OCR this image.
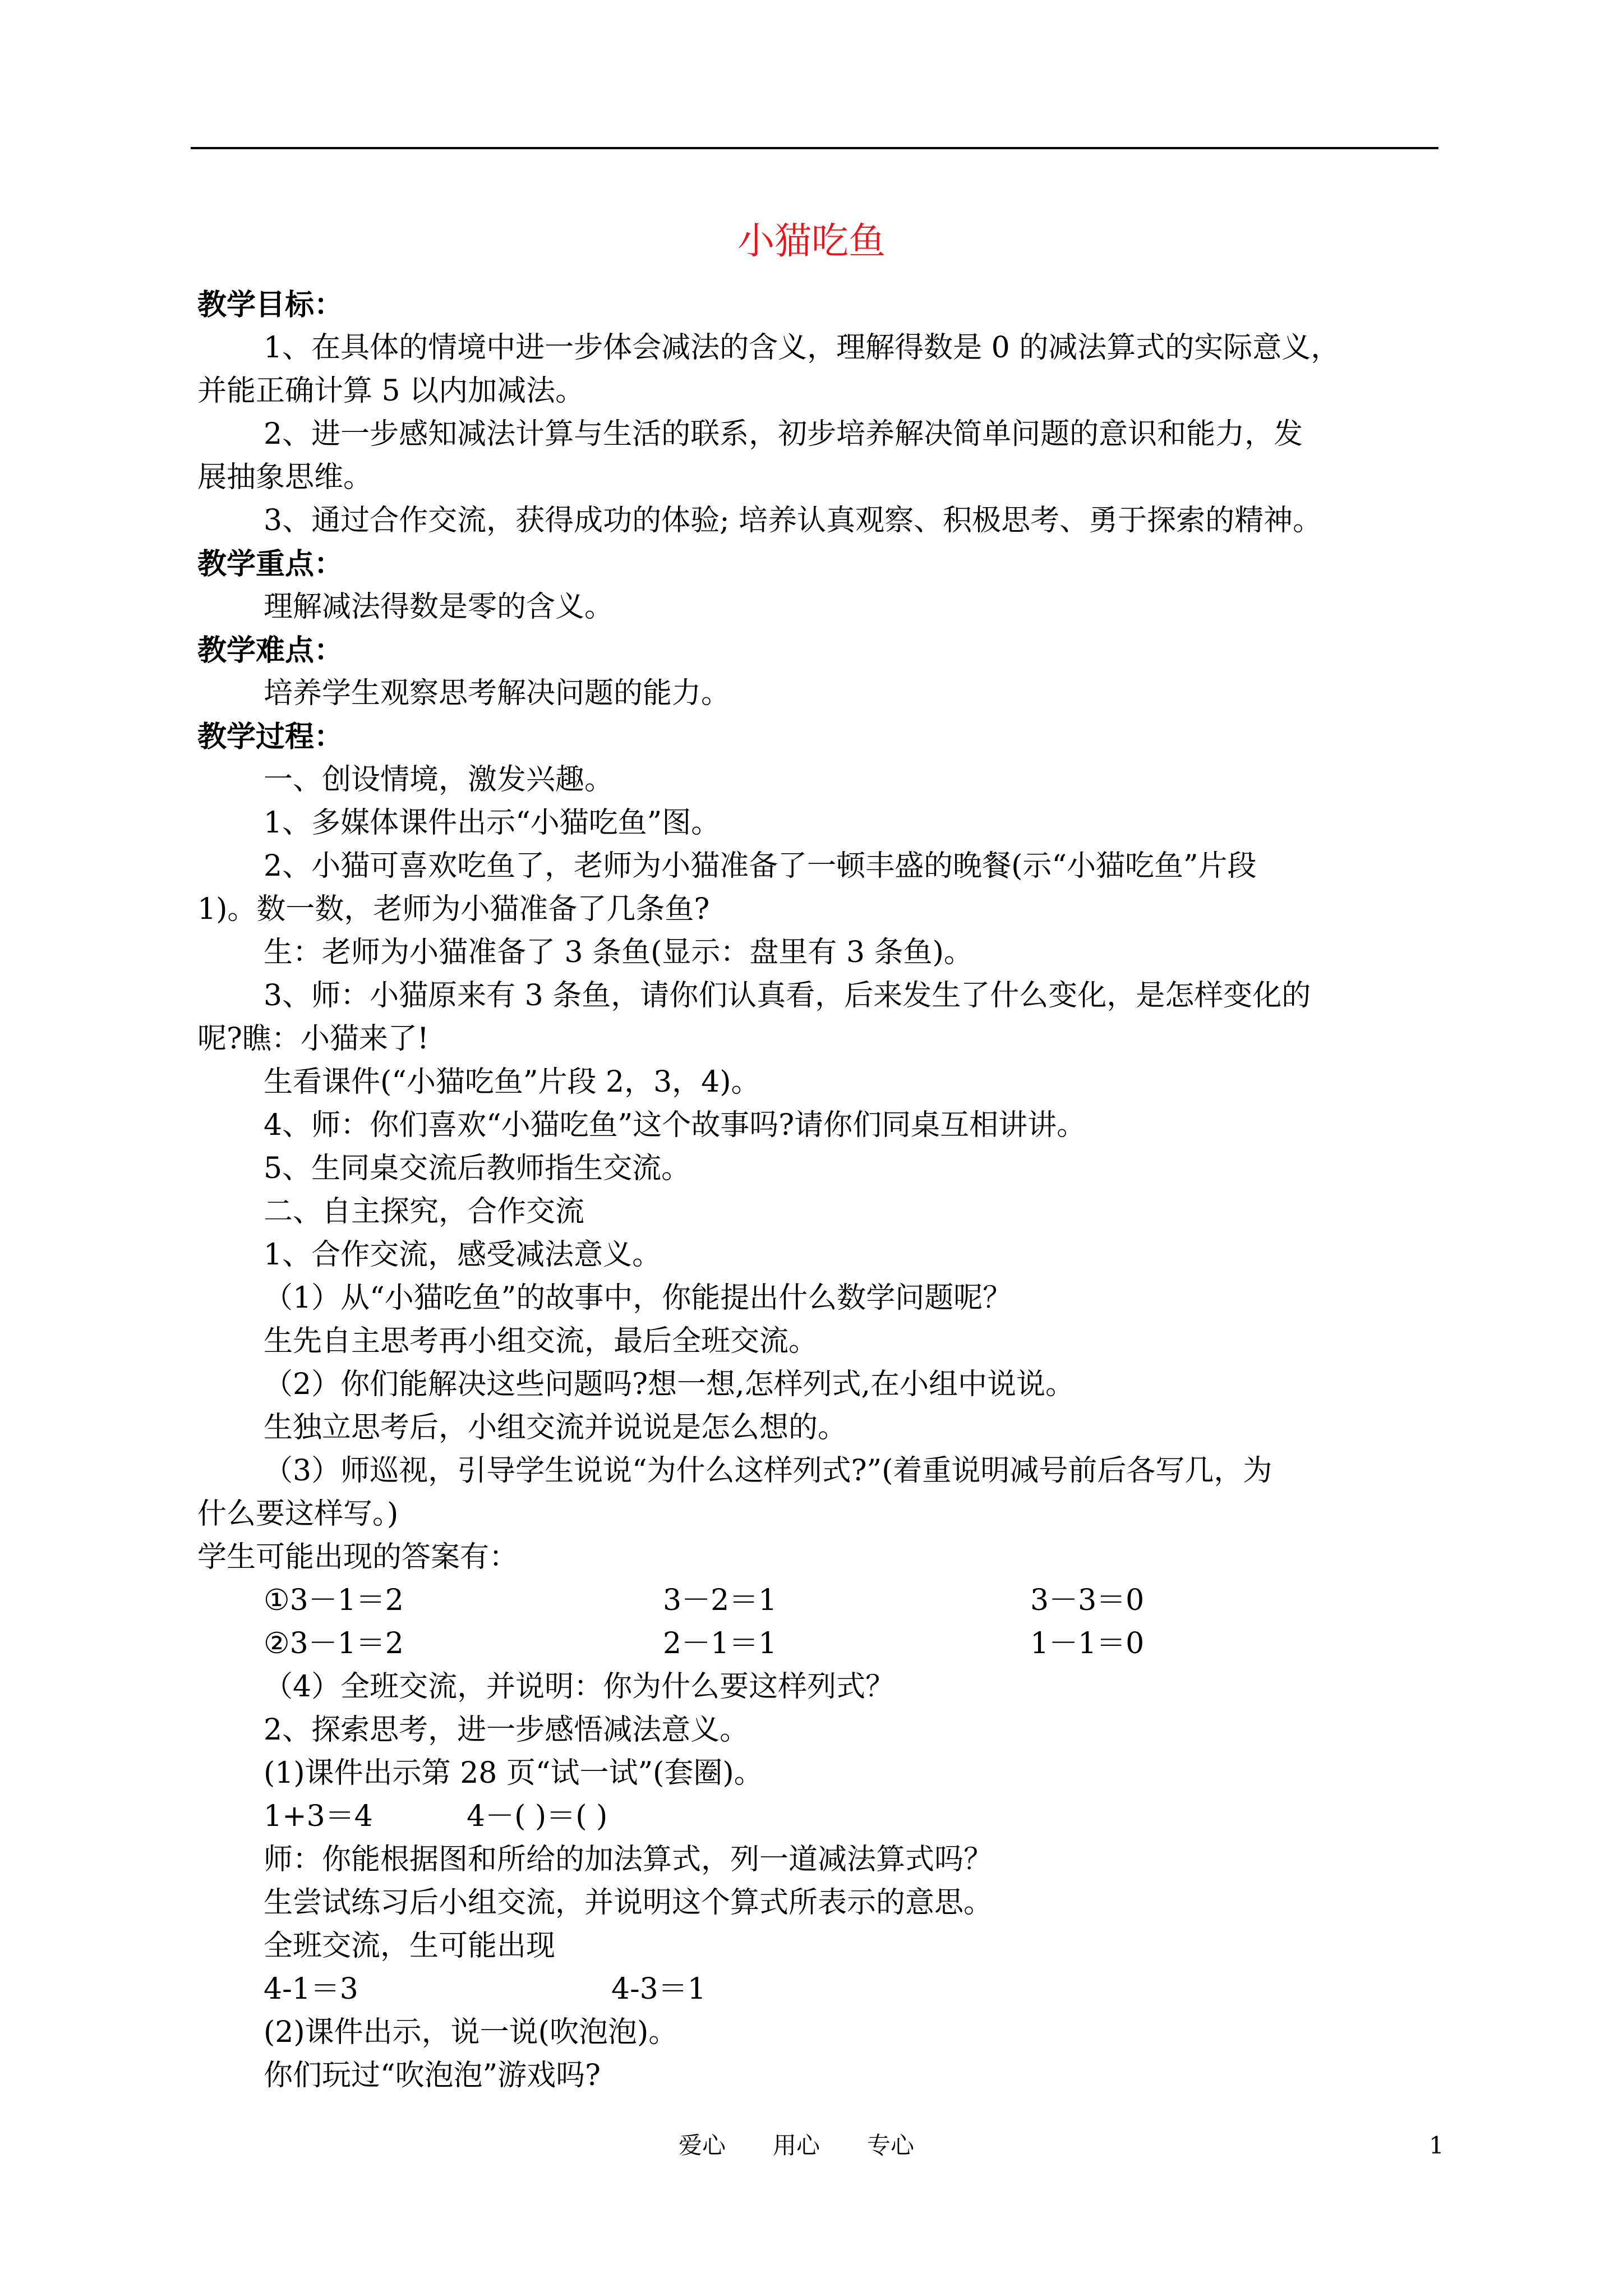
小猫吃鱼
教学目标：
1、在具体的情境中进一步体会减法的含义，理解得数是 0 的减法算式的实际意义，
并能正确计算 5 以内加减法。
2、进一步感知减法计算与生活的联系，初步培养解决简单问题的意识和能力，发
展抽象思维。
3、通过合作交流，获得成功的体验; 培养认真观察、积极思考、勇于探索的精神。
教学重点：
理解减法得数是零的含义。
教学难点：
培养学生观察思考解决问题的能力。
教学过程：
一、创设情境，激发兴趣。
1、多媒体课件出示“小猫吃鱼”图。
2、小猫可喜欢吃鱼了，老师为小猫准备了一顿丰盛的晚餐(示“小猫吃鱼”片段
1)。数一数，老师为小猫准备了几条鱼?
生：老师为小猫准备了 3 条鱼(显示：盘里有 3 条鱼)。
3、师：小猫原来有 3 条鱼，请你们认真看，后来发生了什么变化，是怎样变化的
呢?瞧：小猫来了!
生看课件(“小猫吃鱼”片段 2，3，4)。
4、师：你们喜欢“小猫吃鱼”这个故事吗?请你们同桌互相讲讲。
5、生同桌交流后教师指生交流。
二、自主探究，合作交流
1、合作交流，感受减法意义。
（1）从“小猫吃鱼”的故事中，你能提出什么数学问题呢？
生先自主思考再小组交流，最后全班交流。
（2）你们能解决这些问题吗?想一想,怎样列式,在小组中说说。
生独立思考后，小组交流并说说是怎么想的。
（3）师巡视，引导学生说说“为什么这样列式?”(着重说明减号前后各写几，为
什么要这样写。)
学生可能出现的答案有：
①3－1＝2	3－2＝1	3－3＝0
②3－1＝2	2－1＝1	1－1＝0
（4）全班交流，并说明：你为什么要这样列式？
2、探索思考，进一步感悟减法意义。
(1)课件出示第 28 页“试一试”(套圈)。
1+3＝4	4－( )＝( )
师：你能根据图和所给的加法算式，列一道减法算式吗？
生尝试练习后小组交流，并说明这个算式所表示的意思。
全班交流，生可能出现
4-1＝3	4-3＝1
(2)课件出示，说一说(吹泡泡)。
你们玩过“吹泡泡”游戏吗?
爱心　　用心　　专心	1
